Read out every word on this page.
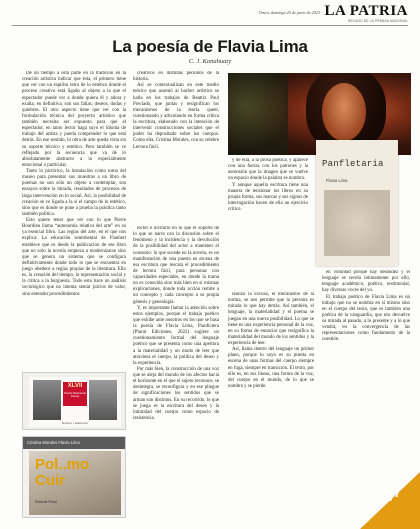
Oruro, domingo 25 de junio de 2023 LA PATRIA
DECANO DE LA PRENSA NACIONAL
La poesía de Flavia Lima
C. J. Kanahuaty

De un tiempo a esta parte en la tradición en la creación artística indicar que ésta, el primero tiene que ver con un espíritu retro de lo estético donde el proceso creativo está ligado al objeto a la que el espectador puede ver a donde quiera él y adora y exalta, en definitiva, son sus fallas, deseos, dudas y quiebres. El otro aspecto tiene que ver con la formulación técnica del proyecto artístico que también necesita ser expuesto para que el espectador, en tanto lector haga suyo el idioma de trabajo del artista y pueda comprender lo que está detrás. En ese sentido, lo obra de arte queda vista sin su soporte técnico y estético. Pero también se ve reflejado por la secuencia que va de lo absolutamente abstracto a lo especialmente emocional o particular.

Tanto lo pictórico, la instalación como toma del museo para presentar sus muestras a un libro de poemas no son sólo un objeto a contemplar, son ensayos sobre la mirada, resultados de procesos de larga intervención en lo social. Así, la posibilidad de creación se ve ligada a la sí el campo de lo estético, sino que es donde se pone a prueba la práctica tanto también política.

Esto quiere tener que ver con lo que Pierre Bourdieu llama “autonomía relativa del arte” en su ya esencial libro. Las reglas del arte, en el que nos explica: La educación sentimental de Flaubert establece que es desde la publicación de ese libro que no solo la novela empieza a modernizarse sino que se genera un sistema que se configura definitivamente donde todo lo que se encuentra en juego obedece a reglas propias de la literatura. Ello es, la creación del tiempo, la representación social y la crítica a la burguesía. Todo esto hace un análisis sociológico que no intenta sentar juicios de valor, sino entender procedimientos

XLVII
Premio Nacional de Poesía
Ensayo • Ediciones
Cristina Morales Flavia Lima
Pol..mo
Cuir
Editorial Plural

creativos en distintas periodos de la historia.

Así se contextualizan en este medio teórico que asumió al hacher artístico se halla en los trabajos de Beatriz Paul Preciado, que juntas y resignifican los mecanismos de la teoría queer, cuestionando y articulando en forma crítica la escritura, elaborado con la intención de intervenir construcciones sociales que el poder ha depositado sobre los cuerpos. Como ella, Cristina Morales, con su celebre Lectura fácil.

lector e invitarlo en lo que el soporte de lo que se narra con la discusión sobre el fenómeno y la incidencia y la devolución de la posibilidad del actor a mantener el consumo: lo que sucede en la novela, es un manifestación de una puesta en escena de esa escritura que rescata el procedimiento de lectura fácil, para personas con capacidades especiales, en donde la trama no es conocida sino más bien en si mismas explicaciones, donde toda acción remite a un concepto y cada concepto a su propia génesis y genealogía.

Y, es importante llamar la atención sobre estos ejemplos, porque el trabajo poético que exhibe ante nosotros en los que se basa la poesía de Flavia Lima, Pianfictera (Plural Ediciones, 2022) sugiere un cuestionamiento formal del lenguaje poético que se presenta como una apertura a la materialidad y un modo de leer que atraviesa el cuerpo, la política del deseo y la experiencia.

Por más bien, la construcción de una voz que se aleja del mundo de los afectos hacia el horizonte en el que el sujeto reconoce, se desintegra, se reconfigura y en ese pliegue de significaciones los sentidos que se arman son distintos. En su recorrido, lo que se juega es la escritura del deseo y la intimidad del cuerpo como espacio de resistencia.

y de ella, a la prosa poética, y aparece con una fuerza con los patrones y la ascensión que la imagen que se vuelve un espacio donde la palabra se nombra.

Y aunque aquella escritura tiene una manera de tensionar los libros en su propia forma, sus marcas y sus signos de interrogación hacen de ella un ejercicio crítico.

Panfletaria
Flavia Lima

realizó la excusa, el mecanismo de la norma, se nos permite que la persona es mirada lo que hay detrás. Así también, el lenguaje, la materialidad y el poema se juegan en una nueva posibilidad. Lo que se tiene es una experiencia personal de la voz, en su forma de enunciar que resignifica la materialidad del mundo de los sentidos y la experiencia de leer.

Así, llama dentro del lenguaje un primer plano, porque lo suyo es su puesta en escena de unas formas del cuerpo siempre en fuga, siempre en transición. El texto, por ello es, en sus líneas, una forma de la voz, del cuerpo en el mundo, de lo que se nombra y se pierde.

en voluntad porque hay desnudez y el lenguaje se revela íntimamente por ello, lenguaje académico, poético, testimonial, hay diversas voces del yo.

El trabajo poético de Flavia Lima es un trabajo que no se nombra en sí mismo sino en el cuerpo del texto, que es también una poética de la vanguardia, que nos devuelve su mirada al pasado, a lo presente y a lo que vendrá, en la convergencia de las representaciones como fundamento de la cuestión.

7
cultura
